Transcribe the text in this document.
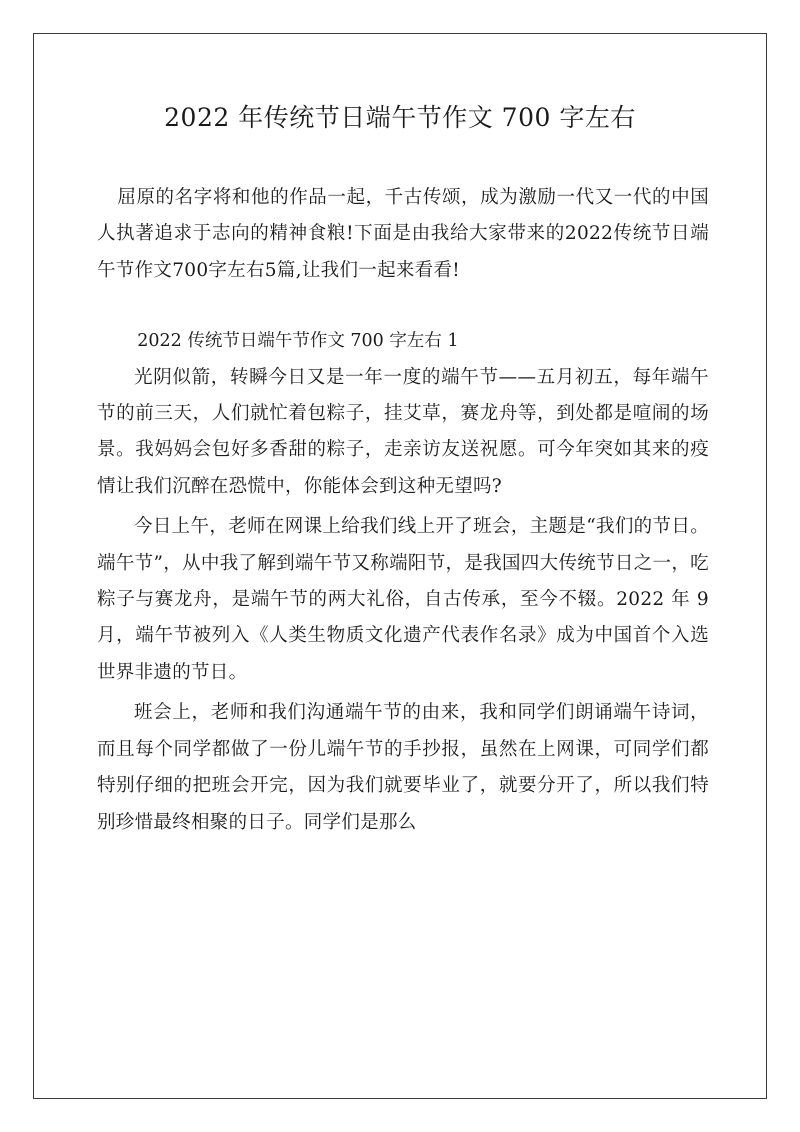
2022 年传统节日端午节作文 700 字左右

屈原的名字将和他的作品一起，千古传颂，成为激励一代又一代的中国人执著追求于志向的精神食粮!下面是由我给大家带来的2022传统节日端午节作文700字左右5篇,让我们一起来看看!

2022 传统节日端午节作文 700 字左右 1

光阴似箭，转瞬今日又是一年一度的端午节——五月初五，每年端午节的前三天，人们就忙着包粽子，挂艾草，赛龙舟等，到处都是喧闹的场景。我妈妈会包好多香甜的粽子，走亲访友送祝愿。可今年突如其来的疫情让我们沉醉在恐慌中，你能体会到这种无望吗?

今日上午，老师在网课上给我们线上开了班会，主题是“我们的节日。端午节”，从中我了解到端午节又称端阳节，是我国四大传统节日之一，吃粽子与赛龙舟，是端午节的两大礼俗，自古传承，至今不辍。2022 年 9 月，端午节被列入《人类生物质文化遗产代表作名录》成为中国首个入选世界非遗的节日。

班会上，老师和我们沟通端午节的由来，我和同学们朗诵端午诗词，而且每个同学都做了一份儿端午节的手抄报，虽然在上网课，可同学们都特别仔细的把班会开完，因为我们就要毕业了，就要分开了，所以我们特别珍惜最终相聚的日子。同学们是那么
